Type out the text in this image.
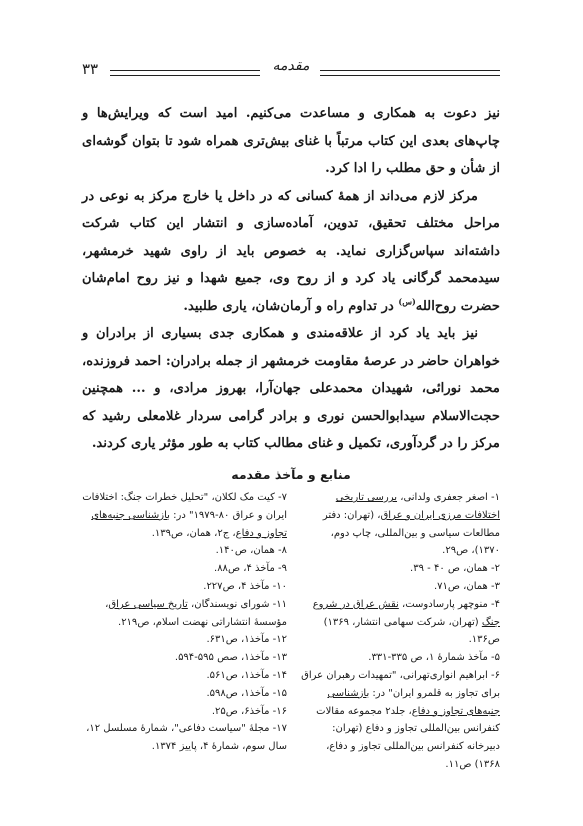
۳۳	مقدمه

نیز دعوت به همکاری و مساعدت می‌کنیم. امید است که ویرایش‌ها و چاپ‌های بعدی این کتاب مرتباً با غنای بیش‌تری همراه شود تا بتوان گوشه‌ای از شأن و حق مطلب را ادا کرد.

مرکز لازم می‌داند از همهٔ کسانی که در داخل یا خارج مرکز به نوعی در مراحل مختلف تحقیق، تدوین، آماده‌سازی و انتشار این کتاب شرکت داشته‌اند سپاس‌گزاری نماید. به خصوص باید از راوی شهید خرمشهر، سیدمحمد گرگانی یاد کرد و از روح وی، جمیع شهدا و نیز روح امام‌شان حضرت روح‌الله$^{(س)}$ در تداوم راه و آرمان‌شان، یاری طلبید.

نیز باید یاد کرد از علاقه‌مندی و همکاری جدی بسیاری از برادران و خواهران حاضر در عرصهٔ مقاومت خرمشهر از جمله برادران: احمد فروزنده، محمد نورائی، شهیدان محمدعلی جهان‌آرا، بهروز مرادی، و ... همچنین حجت‌الاسلام سیدابوالحسن نوری و برادر گرامی سردار غلامعلی رشید که مرکز را در گردآوری، تکمیل و غنای مطالب کتاب به طور مؤثر یاری کردند.

منابع و مآخذ مقدمه

۱- اصغر جعفری ولدانی، بررسی تاریخی اختلافات مرزی ایران و عراق، (تهران: دفتر مطالعات سیاسی و بین‌المللی، چاپ دوم، ۱۳۷۰)، ص۲۹.

۲- همان، ص ۴۰ - ۳۹.

۳- همان، ص۷۱.

۴- منوچهر پارسادوست، نقش عراق در شروع جنگ (تهران، شرکت سهامی انتشار، ۱۳۶۹) ص۱۳۶.

۵- مآخذ شمارهٔ ۱، ص ۳۳۵-۳۳۱.

۶- ابراهیم انواری‌تهرانی، "تمهیدات رهبران عراق برای تجاوز به قلمرو ایران" در: بازشناسی جنبه‌های تجاوز و دفاع، جلد۲ مجموعه مقالات کنفرانس بین‌المللی تجاوز و دفاع (تهران: دبیرخانه کنفرانس بین‌المللی تجاوز و دفاع، ۱۳۶۸) ص۱۱.

۷- کیت مک لکلان، "تحلیل خطرات جنگ: اختلافات ایران و عراق ۸۰-۱۹۷۹" در: بازشناسی جنبه‌های تجاوز و دفاع، ج۲، همان، ص۱۳۹.

۸- همان، ص۱۴۰.

۹- مآخذ ۴، ص۸۸.

۱۰- مآخذ ۴، ص۲۲۷.

۱۱- شورای نویسندگان، تاریخ سیاسی عراق، مؤسسهٔ انتشاراتی نهضت اسلام، ص۲۱۹.

۱۲- مآخذ۱، ص۶۳۱.

۱۳- مآخذ۱، صص ۵۹۵-۵۹۴.

۱۴- مآخذ۱، ص۵۶۱.

۱۵- مآخذ۱، ص۵۹۸.

۱۶- مآخذ۶، ص۲۵.

۱۷- مجلهٔ "سیاست دفاعی"، شمارهٔ مسلسل ۱۲، سال سوم، شمارهٔ ۴، پاییز ۱۳۷۴.
